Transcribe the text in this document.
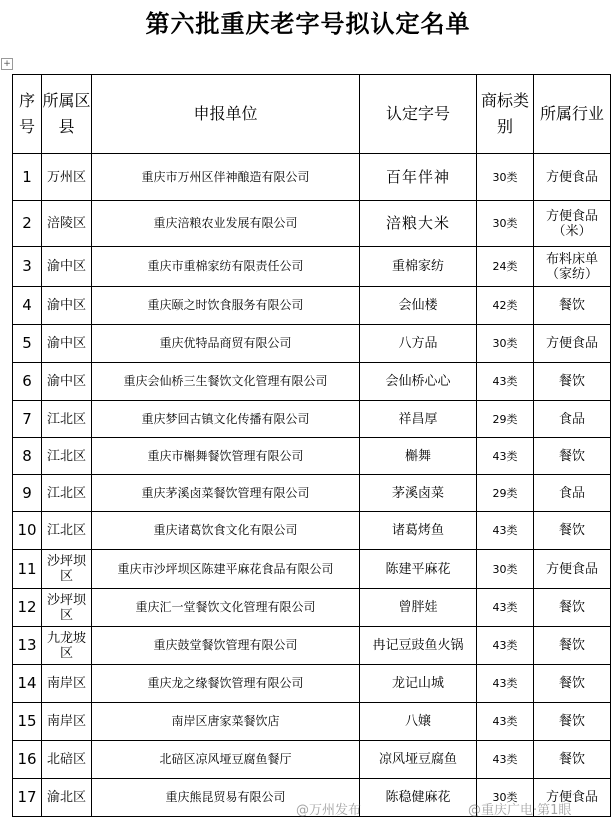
第六批重庆老字号拟认定名单
+
序号	所属区县	申报单位	认定字号	商标类别	所属行业
1	万州区	重庆市万州区伴神酿造有限公司	百年伴神	30类	方便食品
2	涪陵区	重庆涪粮农业发展有限公司	涪粮大米	30类	方便食品（米）
3	渝中区	重庆市重棉家纺有限责任公司	重棉家纺	24类	布料床单（家纺）
4	渝中区	重庆颐之时饮食服务有限公司	会仙楼	42类	餐饮
5	渝中区	重庆优特品商贸有限公司	八方品	30类	方便食品
6	渝中区	重庆会仙桥三生餐饮文化管理有限公司	会仙桥心心	43类	餐饮
7	江北区	重庆梦回古镇文化传播有限公司	祥昌厚	29类	食品
8	江北区	重庆市槲舞餐饮管理有限公司	槲舞	43类	餐饮
9	江北区	重庆茅溪卤菜餐饮管理有限公司	茅溪卤菜	29类	食品
10	江北区	重庆诸葛饮食文化有限公司	诸葛烤鱼	43类	餐饮
11	沙坪坝区	重庆市沙坪坝区陈建平麻花食品有限公司	陈建平麻花	30类	方便食品
12	沙坪坝区	重庆汇一堂餐饮文化管理有限公司	曾胖娃	43类	餐饮
13	九龙坡区	重庆鼓堂餐饮管理有限公司	冉记豆豉鱼火锅	43类	餐饮
14	南岸区	重庆龙之缘餐饮管理有限公司	龙记山城	43类	餐饮
15	南岸区	南岸区唐家菜餐饮店	八嬢	43类	餐饮
16	北碚区	北碚区凉风垭豆腐鱼餐厅	凉风垭豆腐鱼	43类	餐饮
17	渝北区	重庆熊昆贸易有限公司	陈稳健麻花	30类	方便食品
@万州发布	@重庆广电·第1眼
